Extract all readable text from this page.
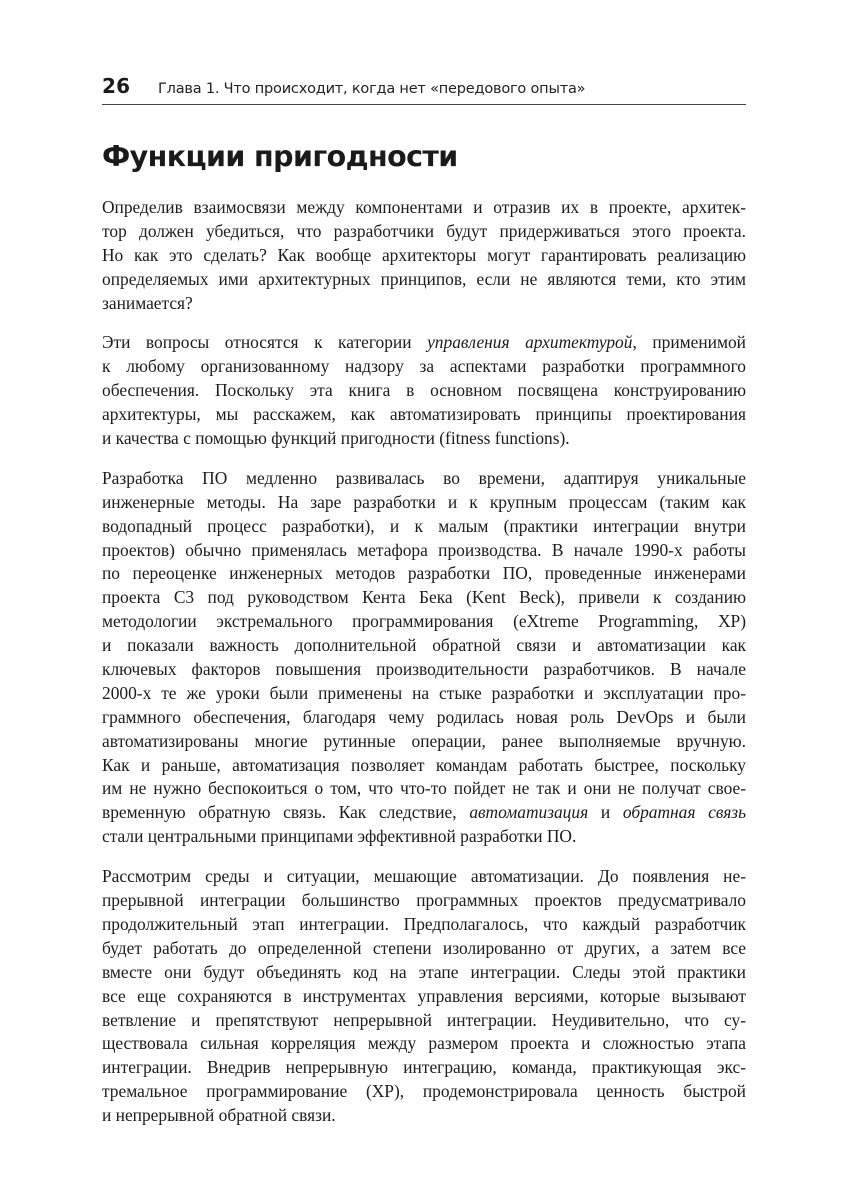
26	Глава 1. Что происходит, когда нет «передового опыта»
Функции пригодности

Определив взаимосвязи между компонентами и отразив их в проекте, архитек-
тор должен убедиться, что разработчики будут придерживаться этого проекта.
Но как это сделать? Как вообще архитекторы могут гарантировать реализацию
определяемых ими архитектурных принципов, если не являются теми, кто этим
занимается?

Эти вопросы относятся к категории управления архитектурой, применимой
к любому организованному надзору за аспектами разработки программного
обеспечения. Поскольку эта книга в основном посвящена конструированию
архитектуры, мы расскажем, как автоматизировать принципы проектирования
и качества с помощью функций пригодности (fitness functions).

Разработка ПО медленно развивалась во времени, адаптируя уникальные
инженерные методы. На заре разработки и к крупным процессам (таким как
водопадный процесс разработки), и к малым (практики интеграции внутри
проектов) обычно применялась метафора производства. В начале 1990-х работы
по переоценке инженерных методов разработки ПО, проведенные инженерами
проекта C3 под руководством Кента Бека (Kent Beck), привели к созданию
методологии экстремального программирования (eXtreme Programming, XP)
и показали важность дополнительной обратной связи и автоматизации как
ключевых факторов повышения производительности разработчиков. В начале
2000-х те же уроки были применены на стыке разработки и эксплуатации про-
граммного обеспечения, благодаря чему родилась новая роль DevOps и были
автоматизированы многие рутинные операции, ранее выполняемые вручную.
Как и раньше, автоматизация позволяет командам работать быстрее, поскольку
им не нужно беспокоиться о том, что что-то пойдет не так и они не получат свое-
временную обратную связь. Как следствие, автоматизация и обратная связь
стали центральными принципами эффективной разработки ПО.

Рассмотрим среды и ситуации, мешающие автоматизации. До появления не-
прерывной интеграции большинство программных проектов предусматривало
продолжительный этап интеграции. Предполагалось, что каждый разработчик
будет работать до определенной степени изолированно от других, а затем все
вместе они будут объединять код на этапе интеграции. Следы этой практики
все еще сохраняются в инструментах управления версиями, которые вызывают
ветвление и препятствуют непрерывной интеграции. Неудивительно, что су-
ществовала сильная корреляция между размером проекта и сложностью этапа
интеграции. Внедрив непрерывную интеграцию, команда, практикующая экс-
тремальное программирование (XP), продемонстрировала ценность быстрой
и непрерывной обратной связи.
